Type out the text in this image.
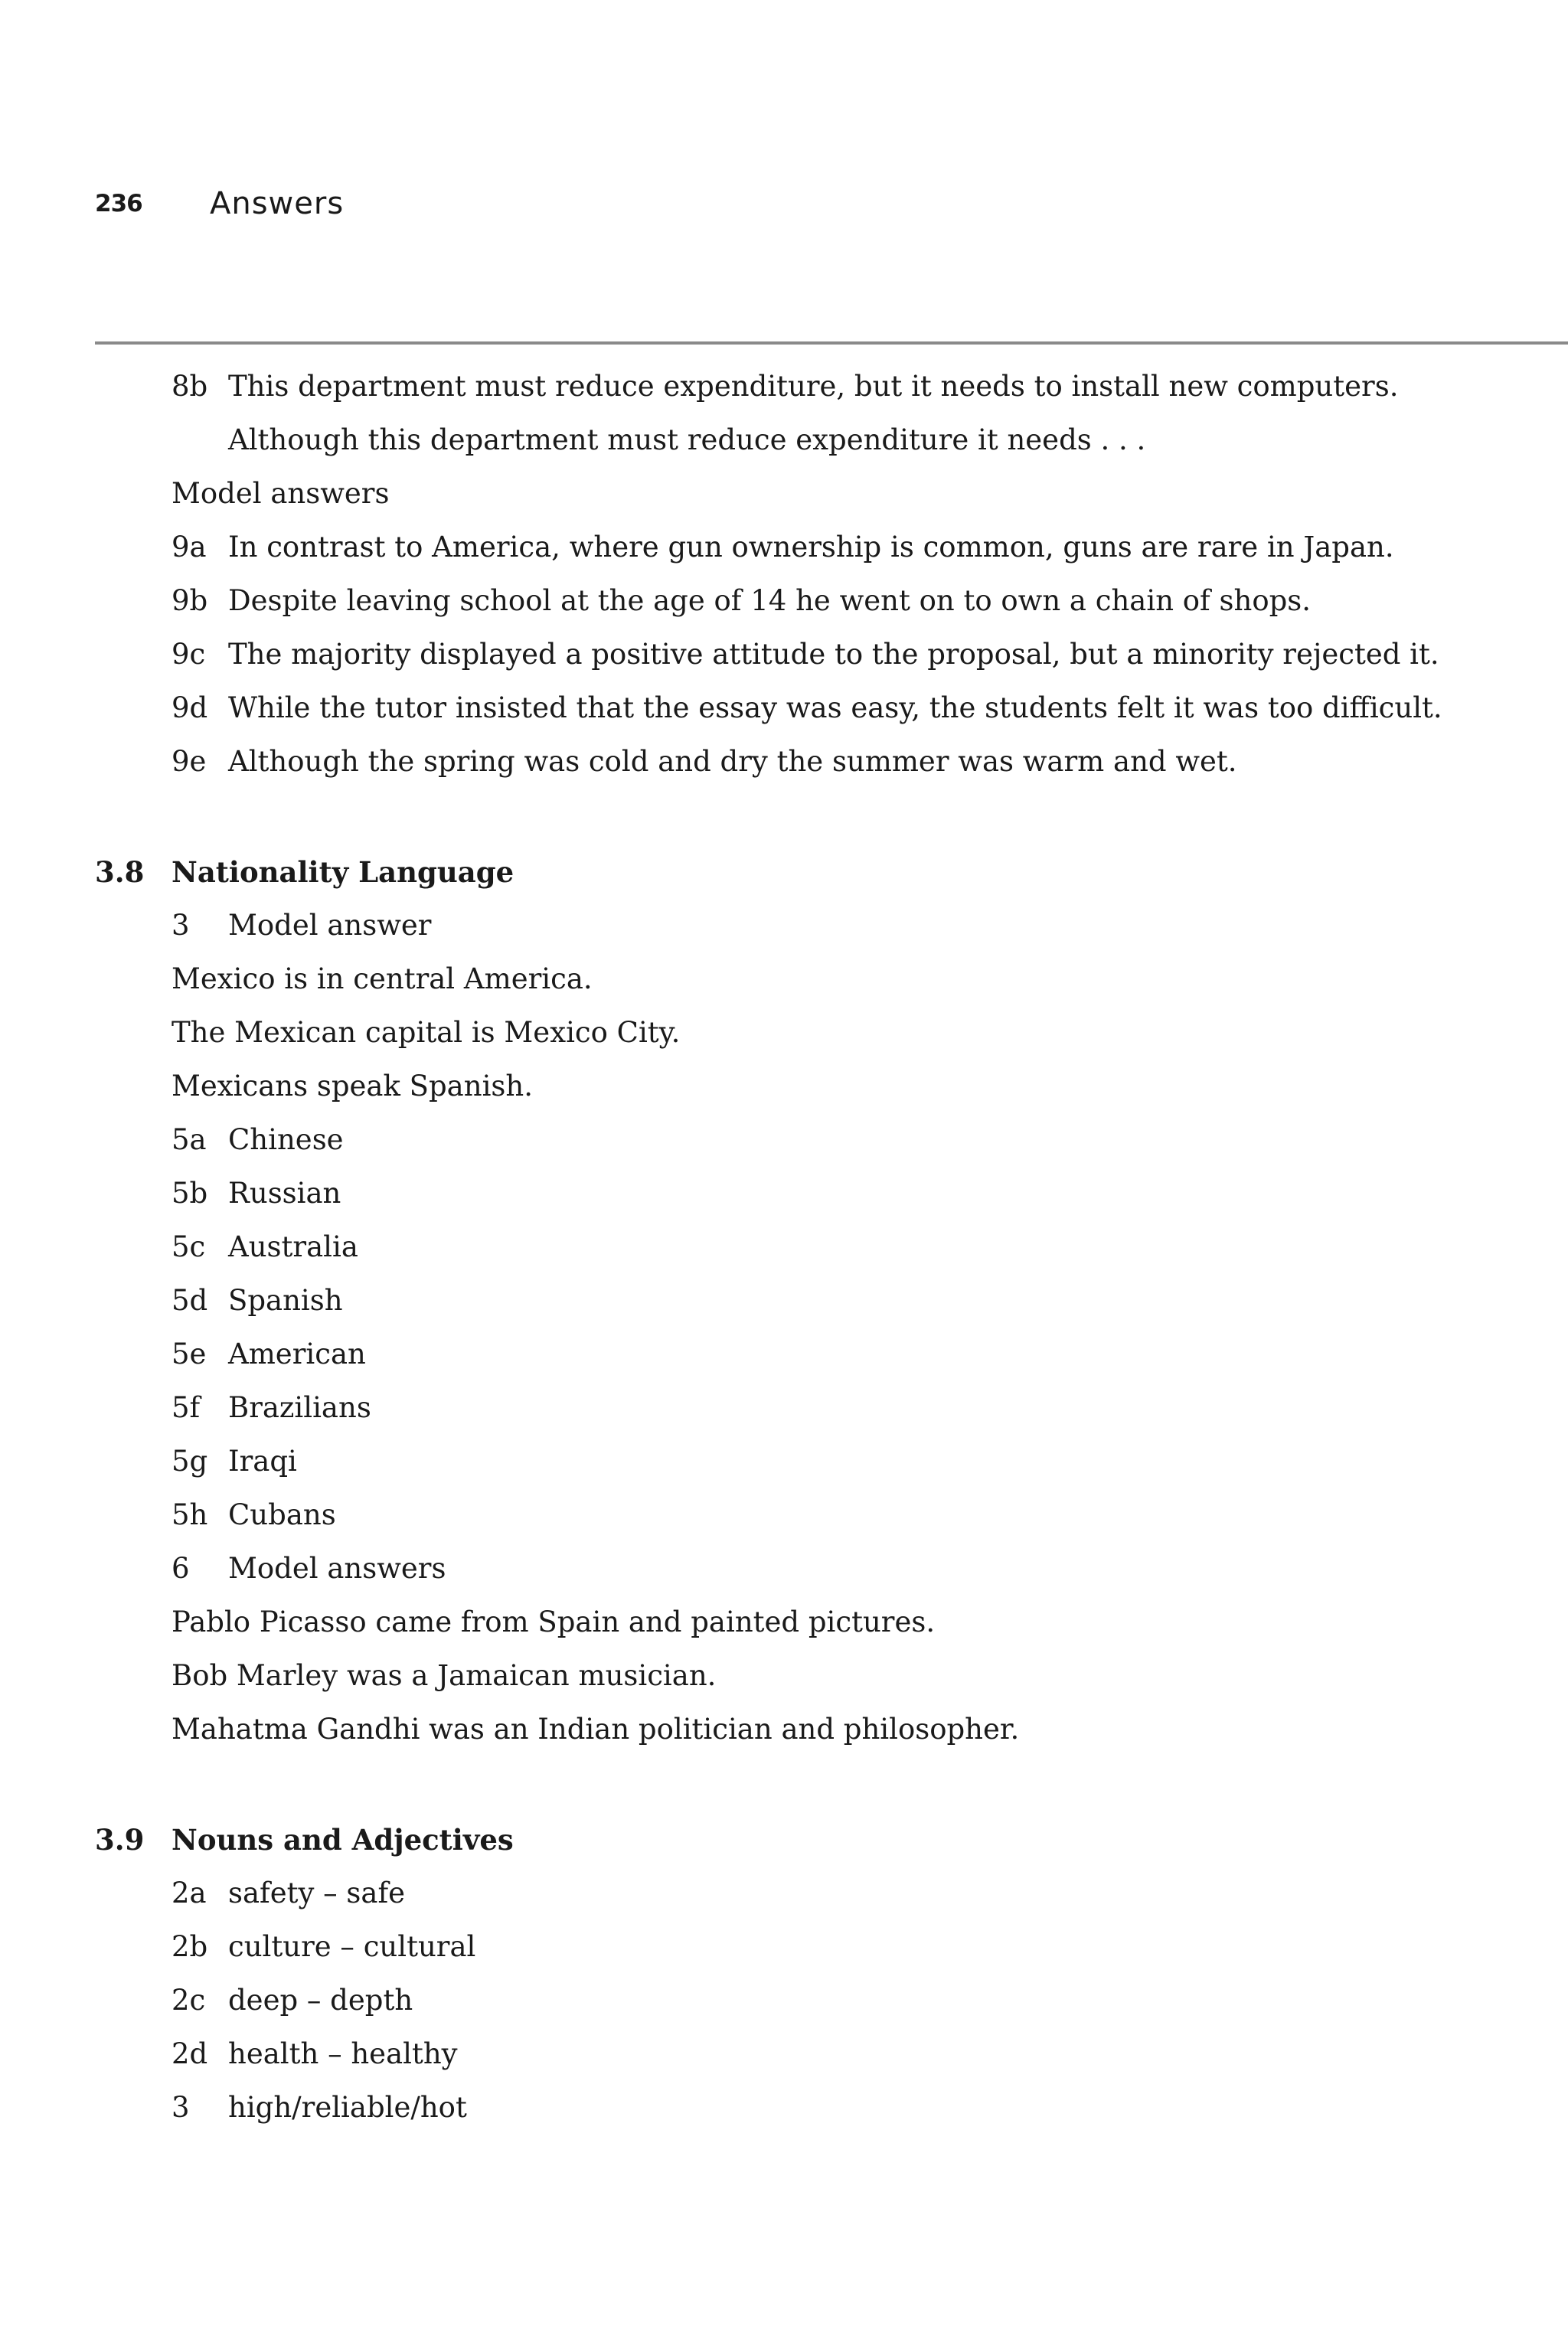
236	Answers
8b This department must reduce expenditure, but it needs to install new computers.
Although this department must reduce expenditure it needs . . .
Model answers
9a In contrast to America, where gun ownership is common, guns are rare in Japan.
9b Despite leaving school at the age of 14 he went on to own a chain of shops.
9c The majority displayed a positive attitude to the proposal, but a minority rejected it.
9d While the tutor insisted that the essay was easy, the students felt it was too difficult.
9e Although the spring was cold and dry the summer was warm and wet.
3.8 Nationality Language
3	Model answer
Mexico is in central America.
The Mexican capital is Mexico City.
Mexicans speak Spanish.
5a Chinese
5b Russian
5c Australia
5d Spanish
5e American
5f Brazilians
5g Iraqi
5h Cubans
6	Model answers
Pablo Picasso came from Spain and painted pictures.
Bob Marley was a Jamaican musician.
Mahatma Gandhi was an Indian politician and philosopher.
3.9 Nouns and Adjectives
2a safety – safe
2b culture – cultural
2c deep – depth
2d health – healthy
3	high/reliable/hot
